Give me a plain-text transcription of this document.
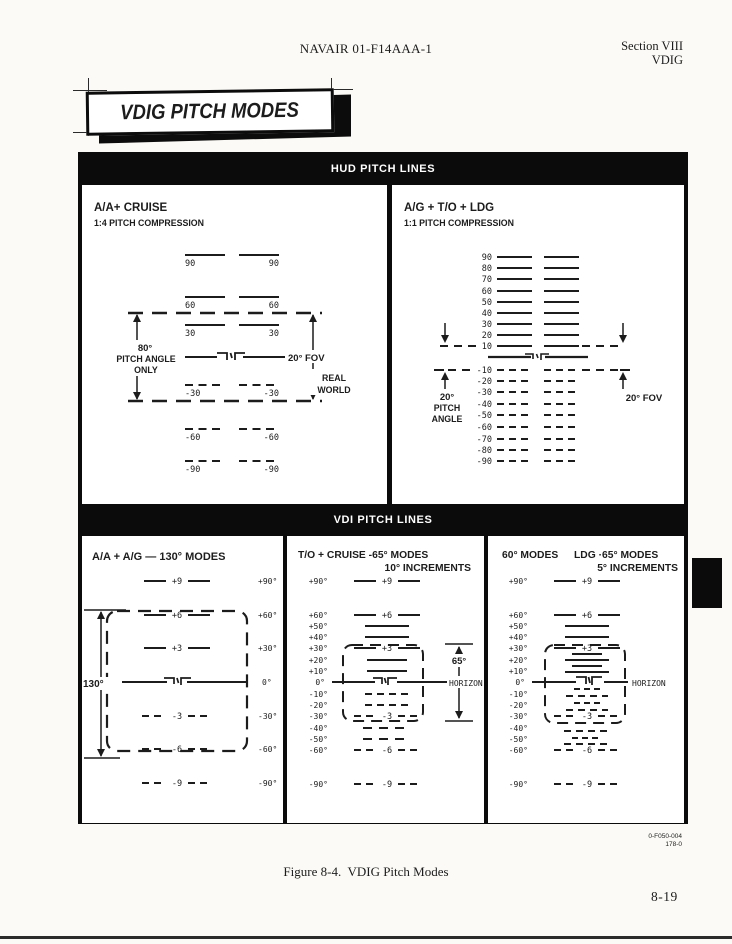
NAVAIR 01-F14AAA-1	Section VIII
VDIG
VDIG PITCH MODES
HUD PITCH LINES
A/A+ CRUISE
1:4 PITCH COMPRESSION
90	90
60	60
30	30
-30	-30
-60	-60
-90	-90
80°
PITCH ANGLE
ONLY
20° FOV
REAL
WORLD
A/G + T/O + LDG
1:1 PITCH COMPRESSION
90
80
70
60
50
40
30
20
10
-10
-20
-30
-40
-50
-60
-70
-80
-90
20°
PITCH
ANGLE
20° FOV
VDI PITCH LINES
A/A + A/G — 130° MODES
130°
+9
+6
+3
-3
-6
-9
+90°
+60°
+30°
0°
-30°
-60°
-90°
T/O + CRUISE -65° MODES
10° INCREMENTS
65°
HORIZON
+9
+6
+3
-3
-6
-9
+90°
+60°
+50°
+40°
+30°
+20°
+10°
0°
-10°
-20°
-30°
-40°
-50°
-60°
-90°
60° MODES LDG ·65° MODES
5° INCREMENTS
HORIZON
+9
+6
+3
-3
-6
-9
+90°
+60°
+50°
+40°
+30°
+20°
+10°
0°
-10°
-20°
-30°
-40°
-50°
-60°
-90°
0-F050-004
178-0
Figure 8-4.  VDIG Pitch Modes
8-19
